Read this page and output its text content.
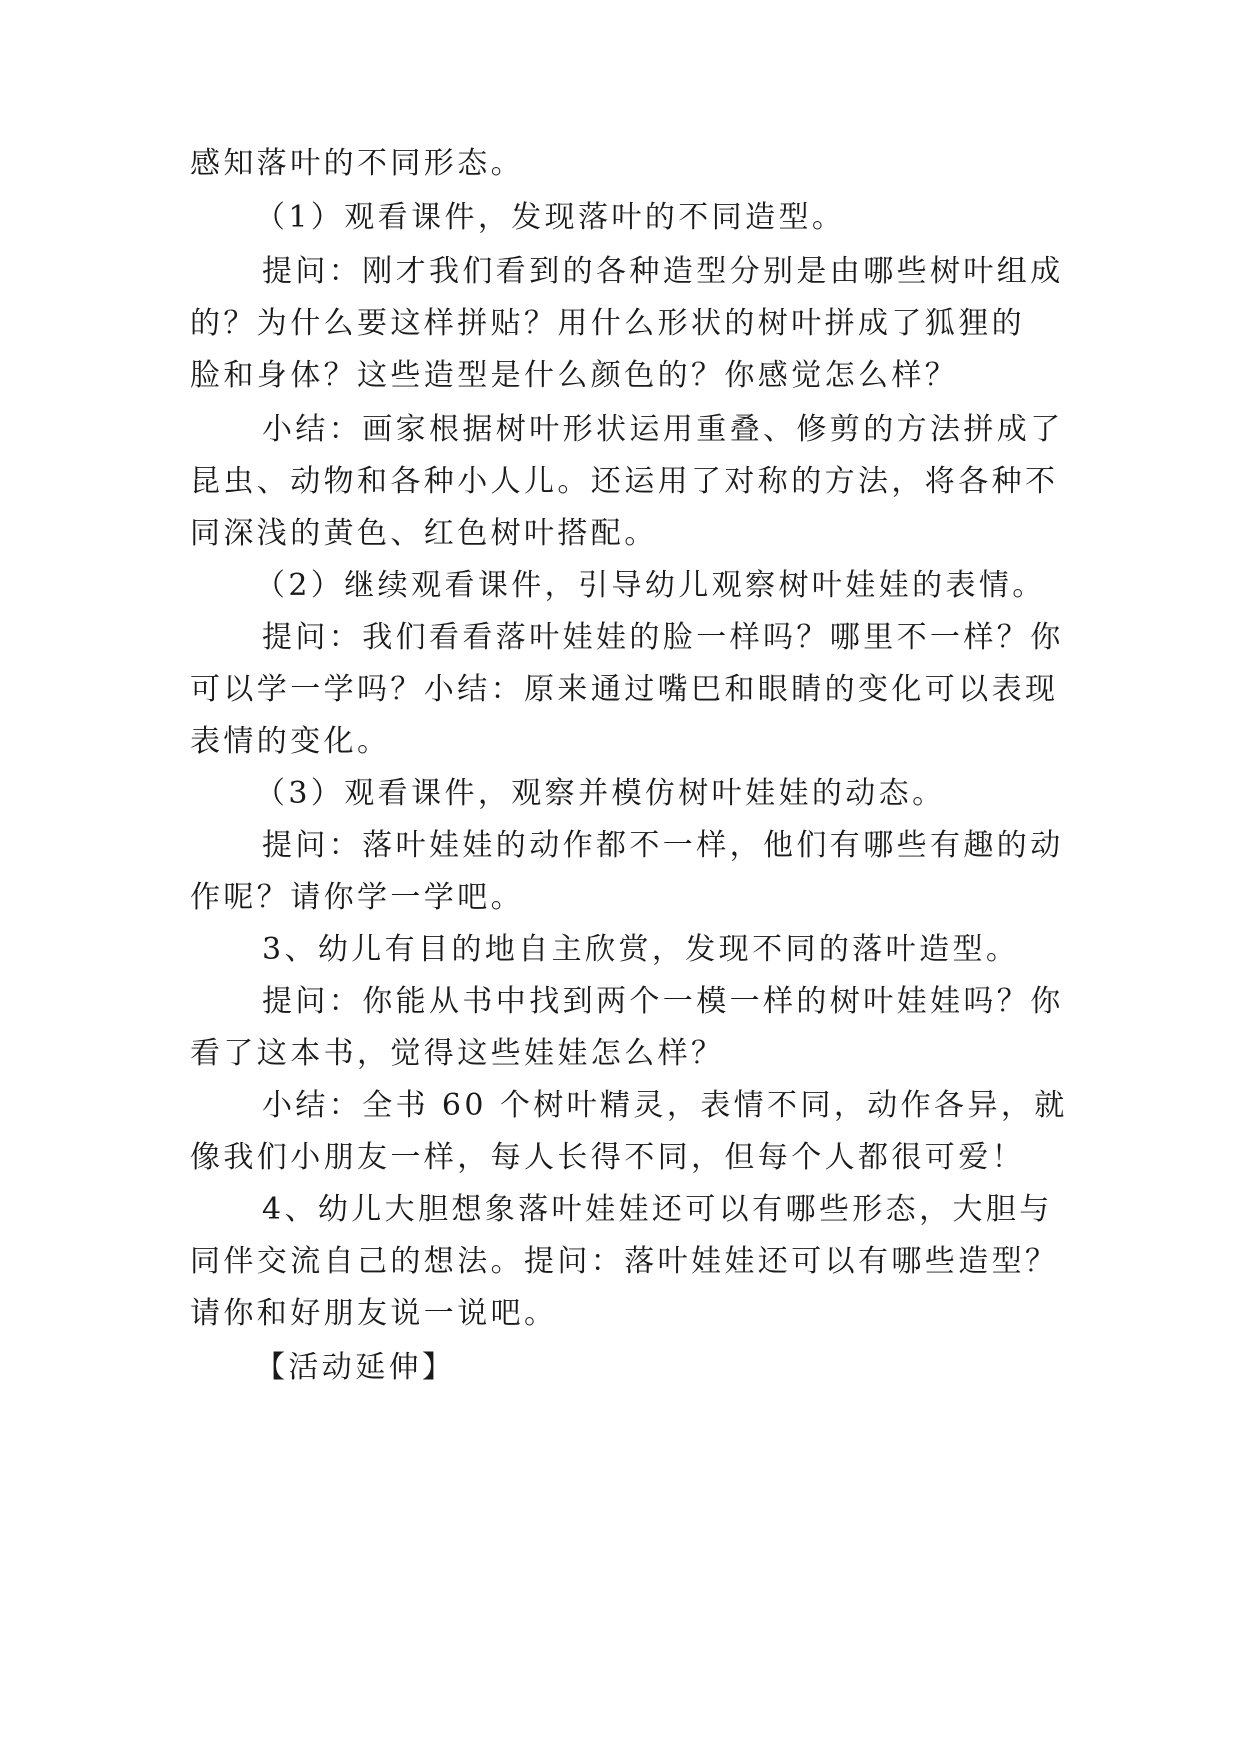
感知落叶的不同形态。
（1）观看课件，发现落叶的不同造型。
提问：刚才我们看到的各种造型分别是由哪些树叶组成
的？为什么要这样拼贴？用什么形状的树叶拼成了狐狸的
脸和身体？这些造型是什么颜色的？你感觉怎么样？
小结：画家根据树叶形状运用重叠、修剪的方法拼成了
昆虫、动物和各种小人儿。还运用了对称的方法，将各种不
同深浅的黄色、红色树叶搭配。
（2）继续观看课件，引导幼儿观察树叶娃娃的表情。
提问：我们看看落叶娃娃的脸一样吗？哪里不一样？你
可以学一学吗？小结：原来通过嘴巴和眼睛的变化可以表现
表情的变化。
（3）观看课件，观察并模仿树叶娃娃的动态。
提问：落叶娃娃的动作都不一样，他们有哪些有趣的动
作呢？请你学一学吧。
3、幼儿有目的地自主欣赏，发现不同的落叶造型。
提问：你能从书中找到两个一模一样的树叶娃娃吗？你
看了这本书，觉得这些娃娃怎么样？
小结：全书 60 个树叶精灵，表情不同，动作各异，就
像我们小朋友一样，每人长得不同，但每个人都很可爱！
4、幼儿大胆想象落叶娃娃还可以有哪些形态，大胆与
同伴交流自己的想法。提问：落叶娃娃还可以有哪些造型？
请你和好朋友说一说吧。
【活动延伸】
